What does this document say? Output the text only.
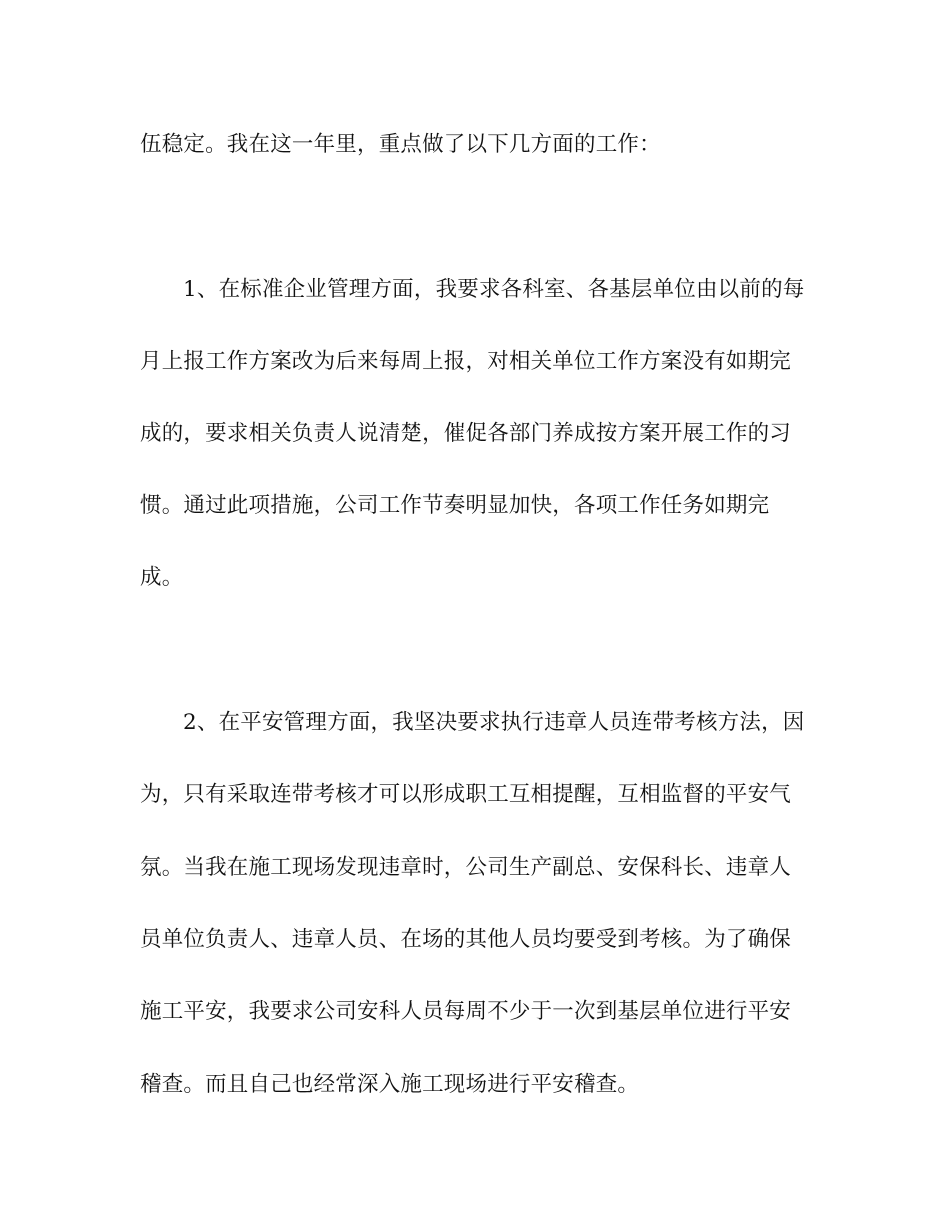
伍稳定。我在这一年里，重点做了以下几方面的工作：
1、在标准企业管理方面，我要求各科室、各基层单位由以前的每
月上报工作方案改为后来每周上报，对相关单位工作方案没有如期完
成的，要求相关负责人说清楚，催促各部门养成按方案开展工作的习
惯。通过此项措施，公司工作节奏明显加快，各项工作任务如期完
成。
2、在平安管理方面，我坚决要求执行违章人员连带考核方法，因
为，只有采取连带考核才可以形成职工互相提醒，互相监督的平安气
氛。当我在施工现场发现违章时，公司生产副总、安保科长、违章人
员单位负责人、违章人员、在场的其他人员均要受到考核。为了确保
施工平安，我要求公司安科人员每周不少于一次到基层单位进行平安
稽查。而且自己也经常深入施工现场进行平安稽查。
